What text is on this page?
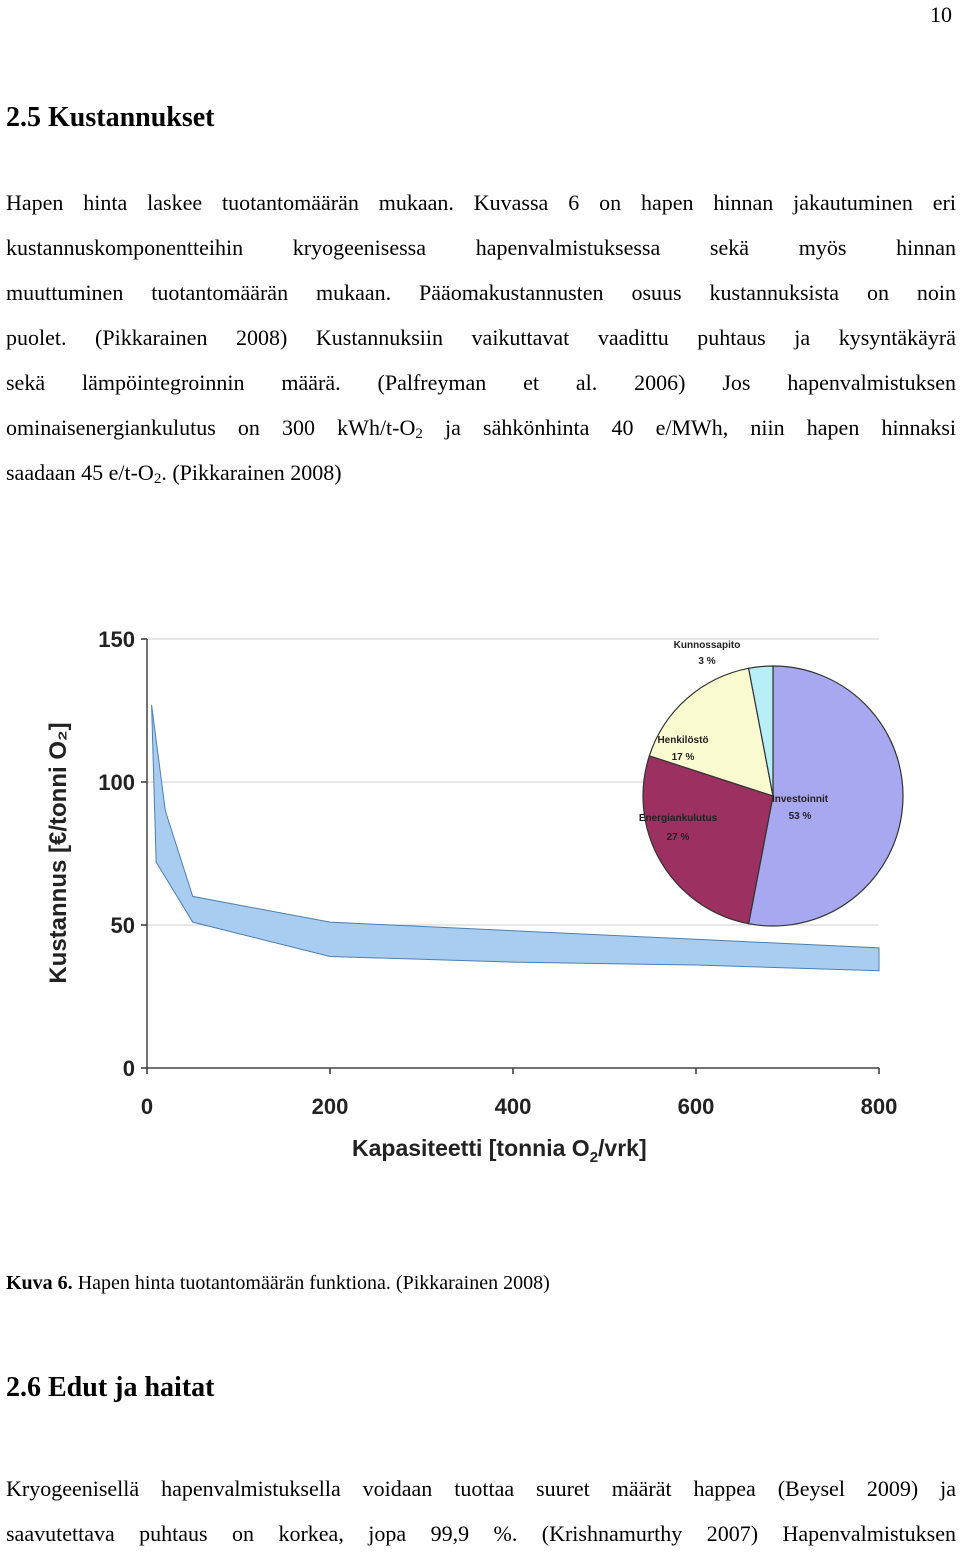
10
2.5 Kustannukset
Hapen hinta laskee tuotantomäärän mukaan. Kuvassa 6 on hapen hinnan jakautuminen eri
kustannuskomponentteihin kryogeenisessa hapenvalmistuksessa sekä myös hinnan
muuttuminen tuotantomäärän mukaan. Pääomakustannusten osuus kustannuksista on noin
puolet. (Pikkarainen 2008) Kustannuksiin vaikuttavat vaadittu puhtaus ja kysyntäkäyrä
sekä lämpöintegroinnin määrä. (Palfreyman et al. 2006) Jos hapenvalmistuksen
ominaisenergiankulutus on 300 kWh/$t-O_2$ ja sähkönhinta 40 e/MWh, niin hapen hinnaksi
saadaan 45 $e/t-O_2$. (Pikkarainen 2008)
0
50
100
150
0	200	400	600	800
Kustannus [€/tonni O₂]
Kapasiteetti [tonnia $O_2/vrk$]
Kunnossapito
3 %
Henkilöstö
17 %
Energiankulutus
27 %
Investoinnit
53 %

Kuva 6. Hapen hinta tuotantomäärän funktiona. (Pikkarainen 2008)

2.6 Edut ja haitat
Kryogeenisellä hapenvalmistuksella voidaan tuottaa suuret määrät happea (Beysel 2009) ja
saavutettava puhtaus on korkea, jopa 99,9 %. (Krishnamurthy 2007) Hapenvalmistuksen
